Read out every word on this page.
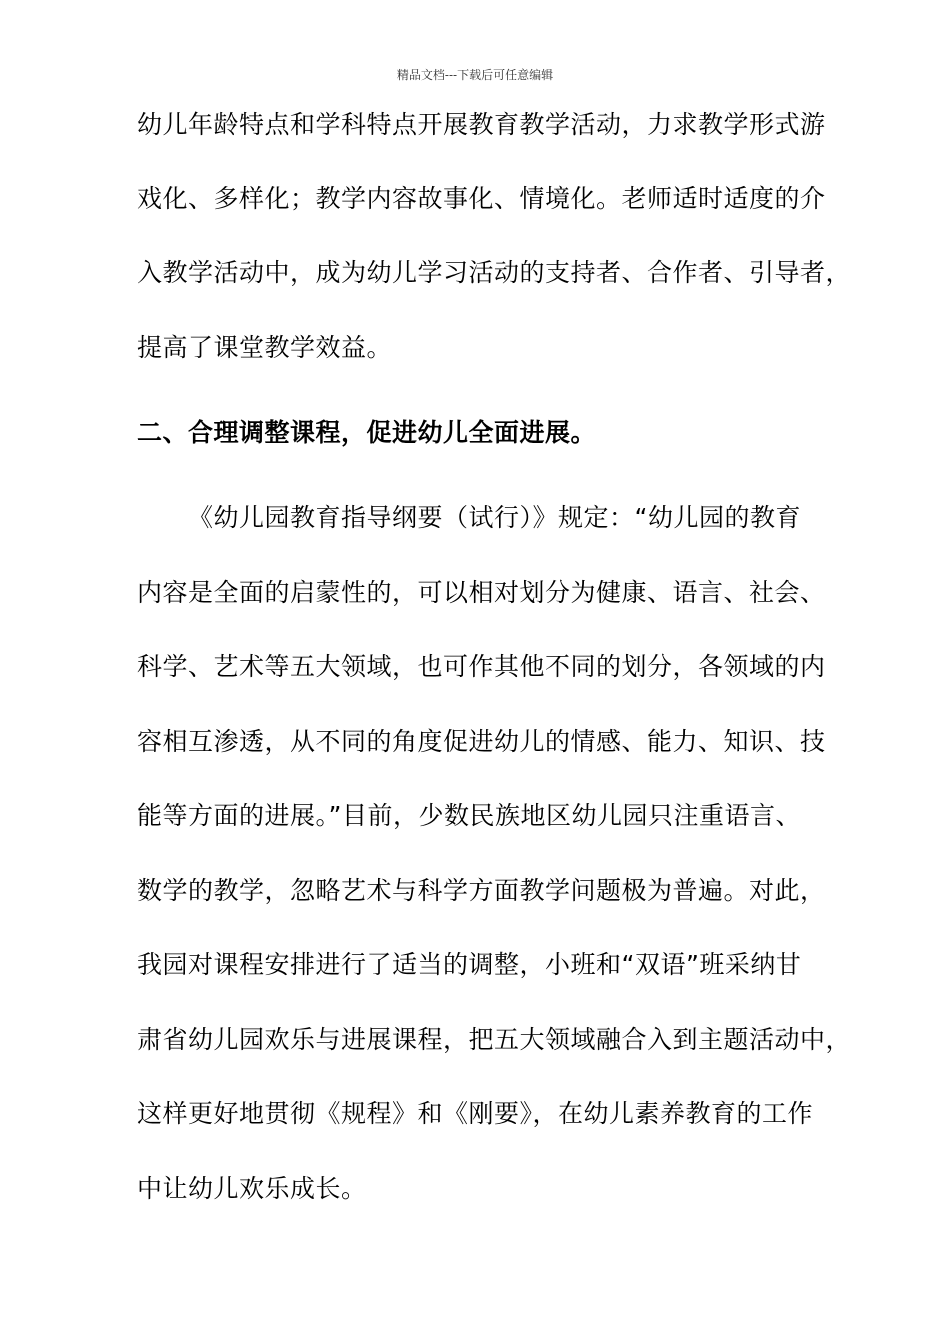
精品文档---下载后可任意编辑
幼儿年龄特点和学科特点开展教育教学活动，力求教学形式游
戏化、多样化；教学内容故事化、情境化。老师适时适度的介
入教学活动中，成为幼儿学习活动的支持者、合作者、引导者，
提高了课堂教学效益。
二、合理调整课程，促进幼儿全面进展。
《幼儿园教育指导纲要（试行）》规定：“幼儿园的教育
内容是全面的启蒙性的，可以相对划分为健康、语言、社会、
科学、艺术等五大领域，也可作其他不同的划分，各领域的内
容相互渗透，从不同的角度促进幼儿的情感、能力、知识、技
能等方面的进展。”目前，少数民族地区幼儿园只注重语言、
数学的教学，忽略艺术与科学方面教学问题极为普遍。对此，
我园对课程安排进行了适当的调整，小班和“双语”班采纳甘
肃省幼儿园欢乐与进展课程，把五大领域融合入到主题活动中，
这样更好地贯彻《规程》和《刚要》，在幼儿素养教育的工作
中让幼儿欢乐成长。
